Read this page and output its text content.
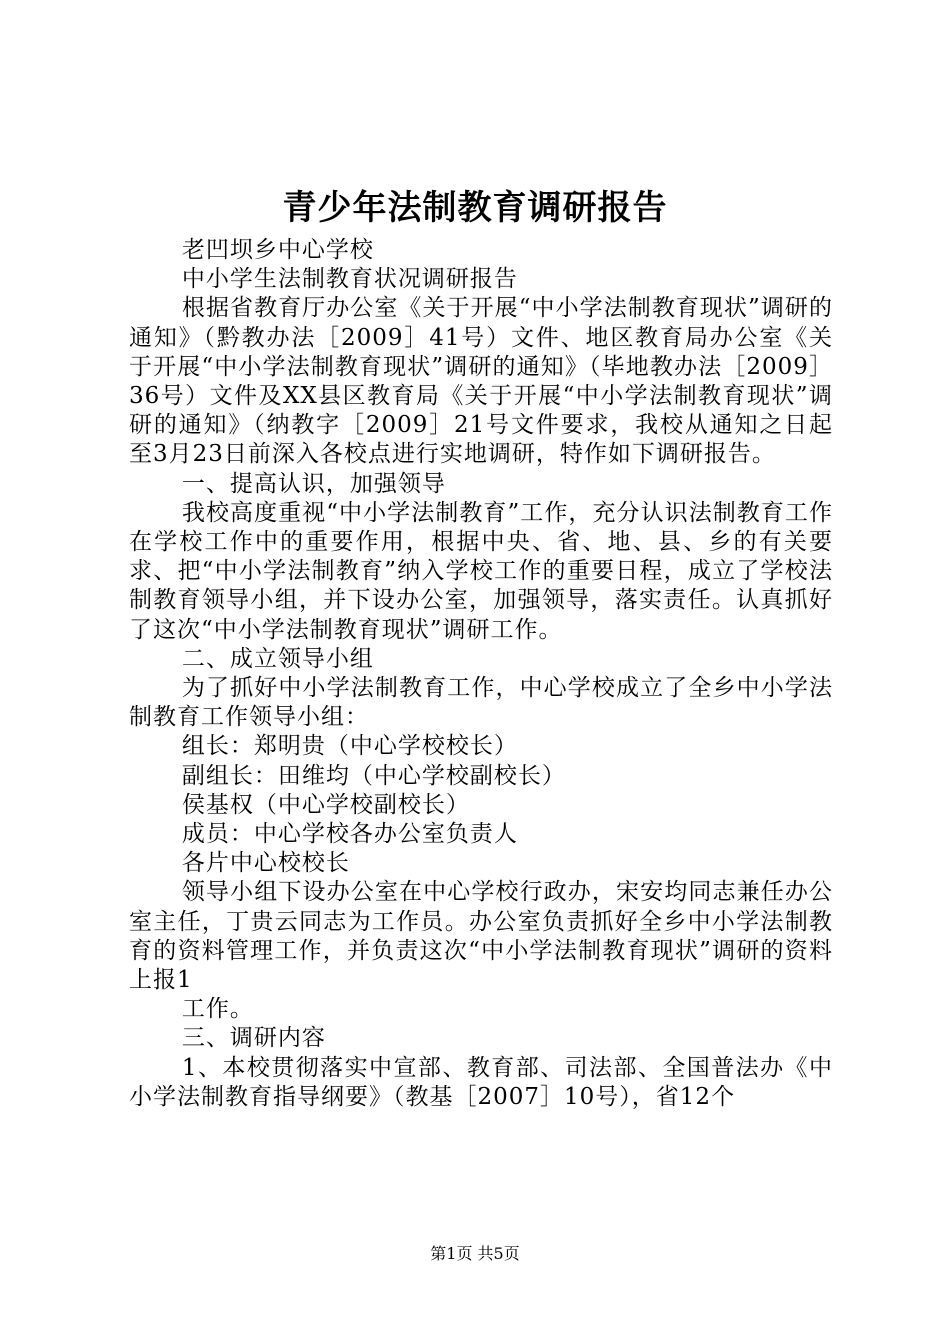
青少年法制教育调研报告

老凹坝乡中心学校

中小学生法制教育状况调研报告

根据省教育厅办公室《关于开展“中小学法制教育现状”调研的通知》（黔教办法［2009］41号）文件、地区教育局办公室《关于开展“中小学法制教育现状”调研的通知》（毕地教办法［2009］36号）文件及XX县区教育局《关于开展“中小学法制教育现状”调研的通知》（纳教字［2009］21号文件要求，我校从通知之日起至3月23日前深入各校点进行实地调研，特作如下调研报告。

一、提高认识，加强领导

我校高度重视“中小学法制教育”工作，充分认识法制教育工作在学校工作中的重要作用，根据中央、省、地、县、乡的有关要求、把“中小学法制教育”纳入学校工作的重要日程，成立了学校法制教育领导小组，并下设办公室，加强领导，落实责任。认真抓好了这次“中小学法制教育现状”调研工作。

二、成立领导小组

为了抓好中小学法制教育工作，中心学校成立了全乡中小学法制教育工作领导小组：

组长：郑明贵（中心学校校长）

副组长：田维均（中心学校副校长）

侯基权（中心学校副校长）

成员：中心学校各办公室负责人

各片中心校校长

领导小组下设办公室在中心学校行政办，宋安均同志兼任办公室主任，丁贵云同志为工作员。办公室负责抓好全乡中小学法制教育的资料管理工作，并负责这次“中小学法制教育现状”调研的资料上报1

工作。

三、调研内容

1、本校贯彻落实中宣部、教育部、司法部、全国普法办《中小学法制教育指导纲要》（教基［2007］10号），省12个

第1页 共5页
